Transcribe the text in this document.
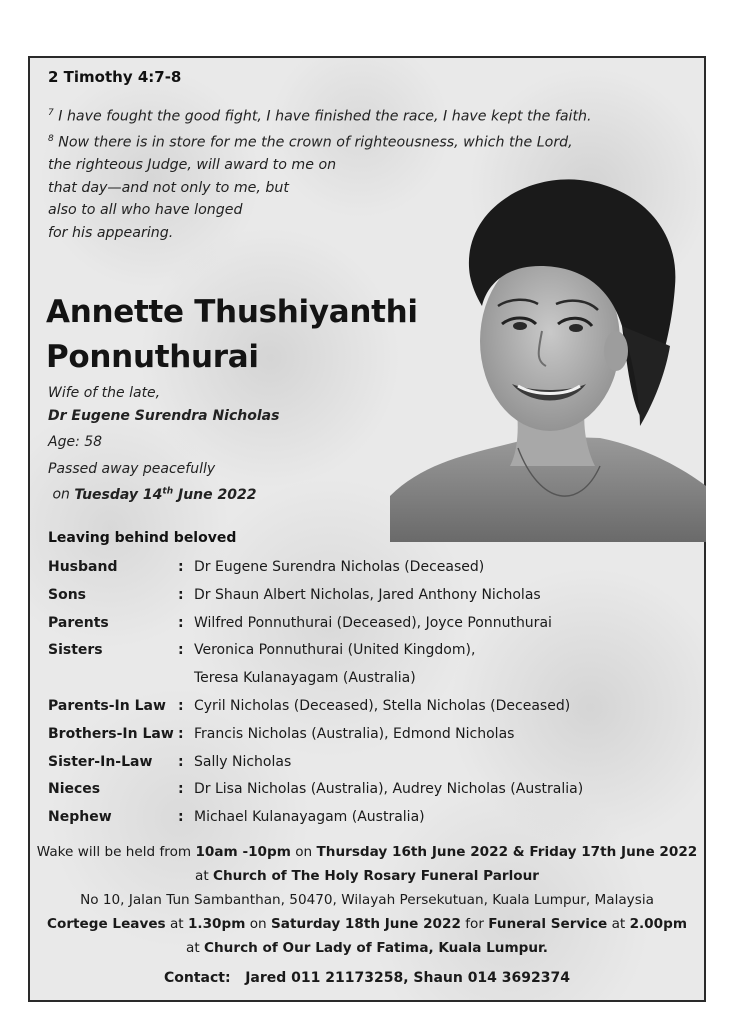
2 Timothy 4:7-8
$^7$ I have fought the good fight, I have finished the race, I have kept the faith.
$^8$ Now there is in store for me the crown of righteousness, which the Lord,
the righteous Judge, will award to me on
that day—and not only to me, but
also to all who have longed
for his appearing.
Annette Thushiyanthi
Ponnuthurai
Wife of the late,
Dr Eugene Surendra Nicholas
Age: 58
Passed away peacefully
on Tuesday 14th June 2022
Leaving behind beloved
Husband	: Dr Eugene Surendra Nicholas (Deceased)
Sons	: Dr Shaun Albert Nicholas, Jared Anthony Nicholas
Parents	: Wilfred Ponnuthurai (Deceased), Joyce Ponnuthurai
Sisters	: Veronica Ponnuthurai (United Kingdom),
Teresa Kulanayagam (Australia)
Parents-In Law : Cyril Nicholas (Deceased), Stella Nicholas (Deceased)
Brothers-In Law : Francis Nicholas (Australia), Edmond Nicholas
Sister-In-Law : Sally Nicholas
Nieces	: Dr Lisa Nicholas (Australia), Audrey Nicholas (Australia)
Nephew	: Michael Kulanayagam (Australia)
Wake will be held from 10am -10pm on Thursday 16th June 2022 & Friday 17th June 2022
at Church of The Holy Rosary Funeral Parlour
No 10, Jalan Tun Sambanthan, 50470, Wilayah Persekutuan, Kuala Lumpur, Malaysia
Cortege Leaves at 1.30pm on Saturday 18th June 2022 for Funeral Service at 2.00pm
at Church of Our Lady of Fatima, Kuala Lumpur.
Contact: Jared 011 21173258, Shaun 014 3692374
